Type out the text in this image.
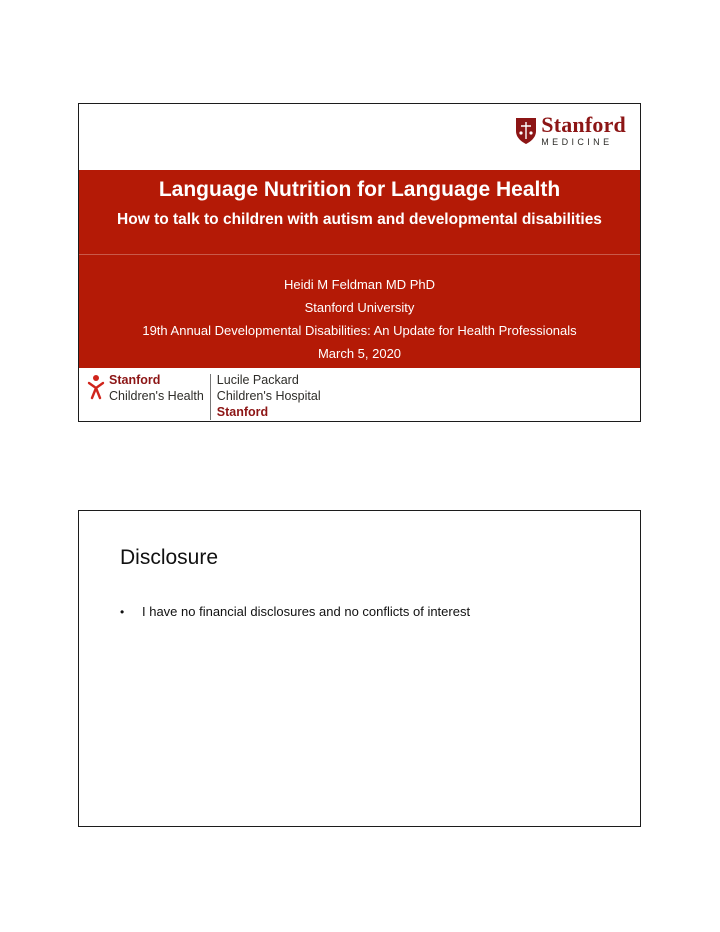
Stanford
MEDICINE
Language Nutrition for Language Health
How to talk to children with autism and developmental disabilities
Heidi M Feldman MD PhD
Stanford University
19th Annual Developmental Disabilities: An Update for Health Professionals
March 5, 2020
Stanford
Children's Health
Lucile Packard
Children's Hospital
Stanford
Disclosure
•	I have no financial disclosures and no conflicts of interest
